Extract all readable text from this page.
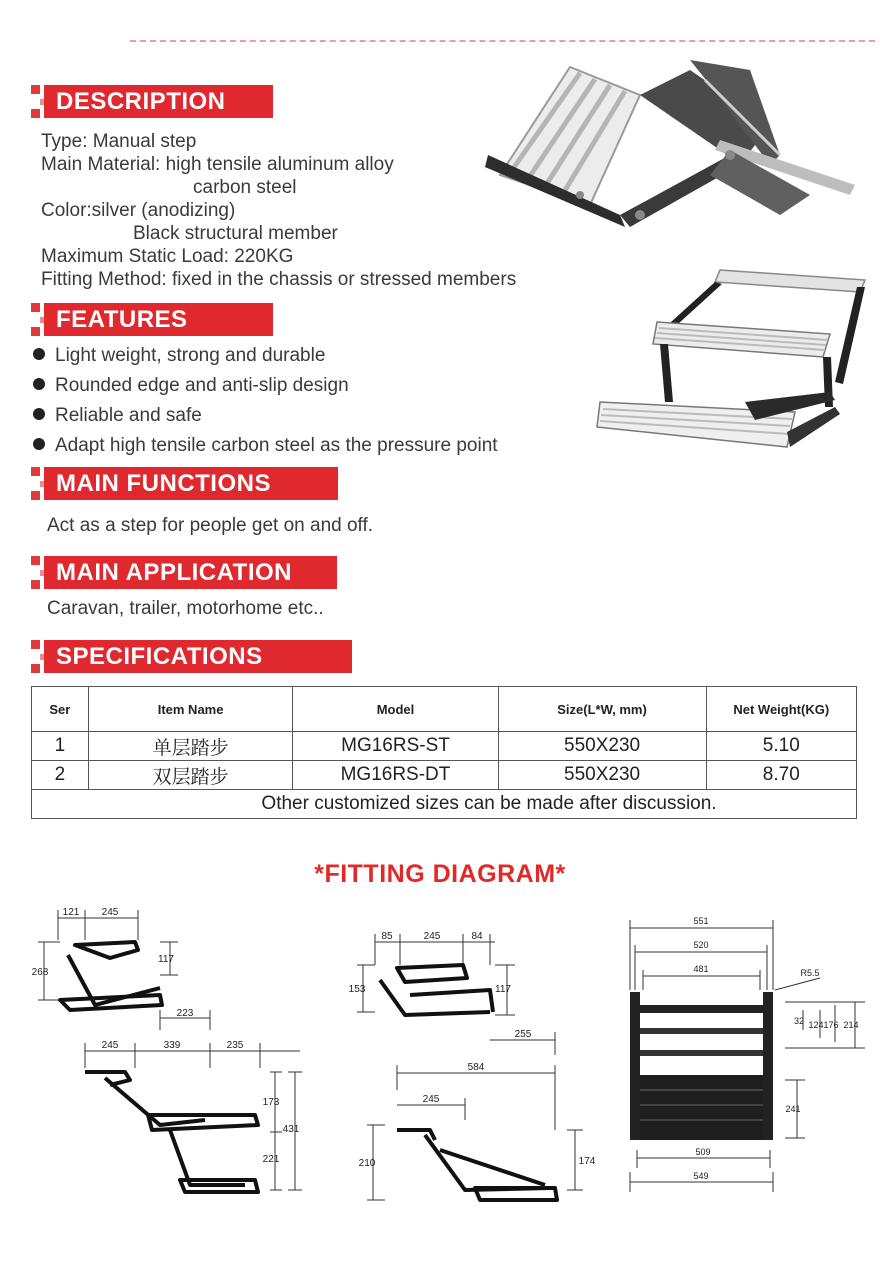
DESCRIPTION
Type: Manual step
Main Material: high tensile aluminum alloy
carbon steel
Color:silver (anodizing)
Black structural member
Maximum Static Load: 220KG
Fitting Method: fixed in the chassis or stressed members
FEATURES
Light weight, strong and durable
Rounded edge and anti-slip design
Reliable and safe
Adapt high tensile carbon steel as the pressure point
MAIN FUNCTIONS
Act as a step for people get on and off.
MAIN APPLICATION
Caravan, trailer, motorhome etc..
SPECIFICATIONS
Ser	Item Name	Model	Size(L*W, mm)	Net Weight(KG)
1	单层踏步	MG16RS-ST	550X230	5.10
2	双层踏步	MG16RS-DT	550X230	8.70
Other customized sizes can be made after discussion.				
*FITTING DIAGRAM*
121 245
268
117
223
245	339	235
173
431
221
85	245	84
153	117
255
584
245
210	174
551
520
481	R5.5
32 124 176 214
241
509
549
